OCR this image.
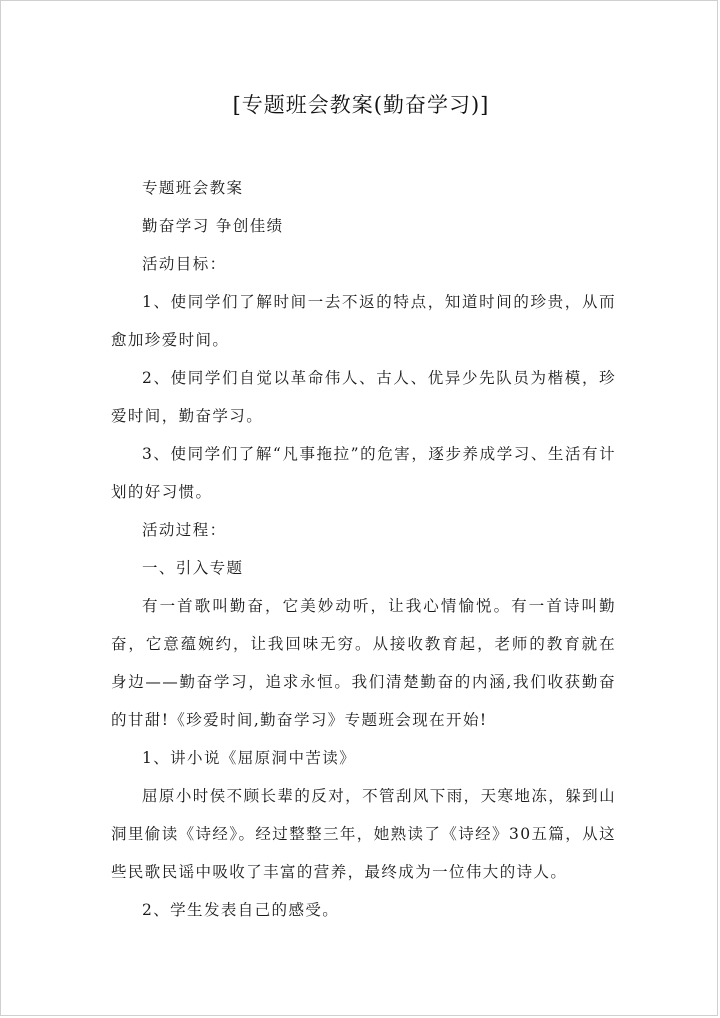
[专题班会教案(勤奋学习)]

专题班会教案

勤奋学习 争创佳绩

活动目标：

1、使同学们了解时间一去不返的特点，知道时间的珍贵，从而愈加珍爱时间。

2、使同学们自觉以革命伟人、古人、优异少先队员为楷模，珍爱时间，勤奋学习。

3、使同学们了解“凡事拖拉”的危害，逐步养成学习、生活有计划的好习惯。

活动过程：

一、引入专题

有一首歌叫勤奋，它美妙动听，让我心情愉悦。有一首诗叫勤奋，它意蕴婉约，让我回味无穷。从接收教育起，老师的教育就在身边——勤奋学习，追求永恒。我们清楚勤奋的内涵,我们收获勤奋的甘甜!《珍爱时间,勤奋学习》专题班会现在开始!

1、讲小说《屈原洞中苦读》

屈原小时侯不顾长辈的反对，不管刮风下雨，天寒地冻，躲到山洞里偷读《诗经》。经过整整三年，她熟读了《诗经》30五篇，从这些民歌民谣中吸收了丰富的营养，最终成为一位伟大的诗人。

2、学生发表自己的感受。
